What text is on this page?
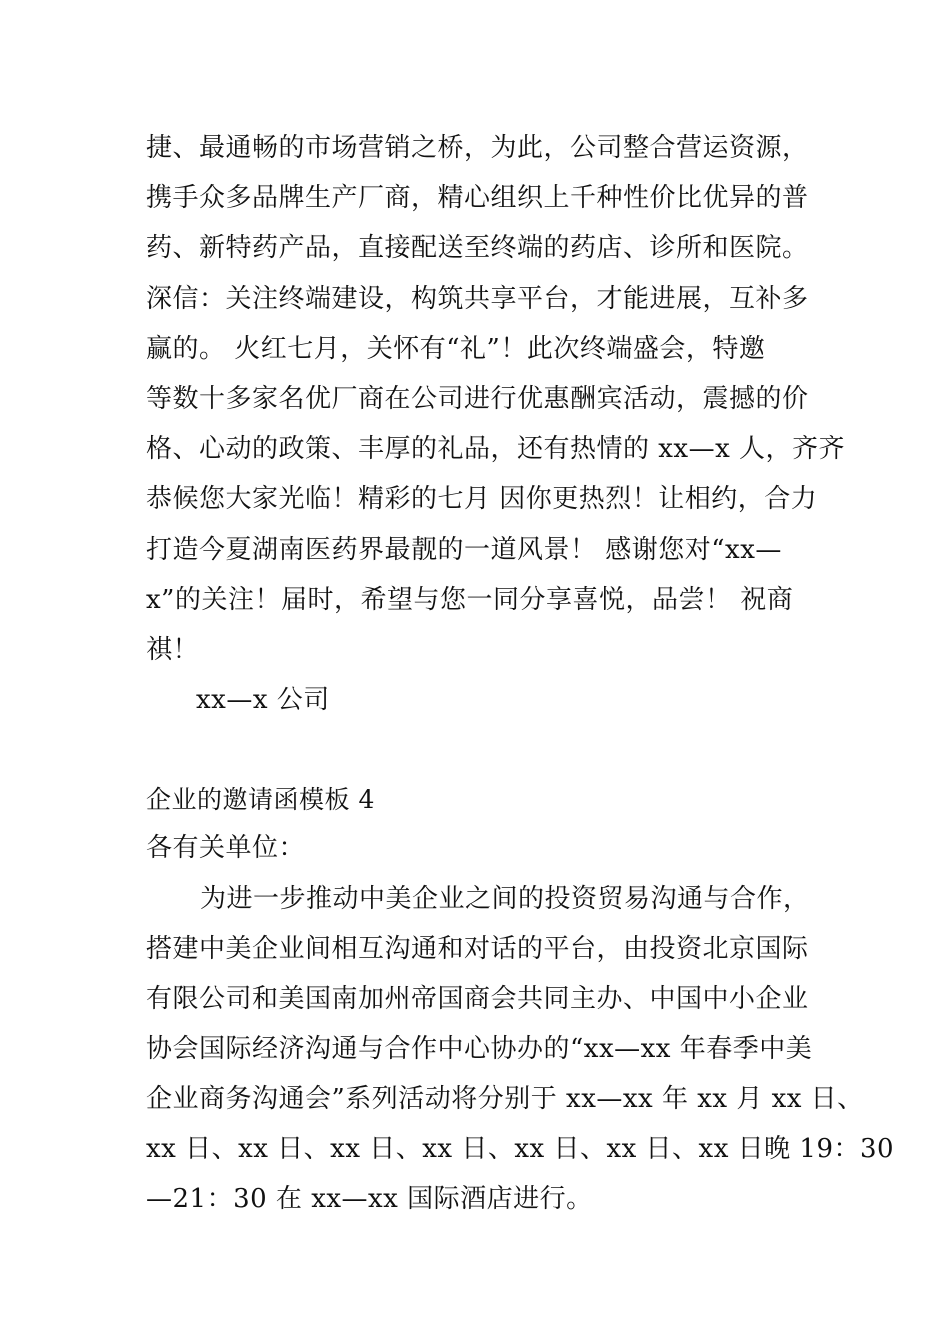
捷、最通畅的市场营销之桥，为此，公司整合营运资源，
携手众多品牌生产厂商，精心组织上千种性价比优异的普
药、新特药产品，直接配送至终端的药店、诊所和医院。
深信：关注终端建设，构筑共享平台，才能进展，互补多
赢的。 火红七月，关怀有“礼”！此次终端盛会，特邀
等数十多家名优厂商在公司进行优惠酬宾活动，震撼的价
格、心动的政策、丰厚的礼品，还有热情的 xx—x 人，齐齐
恭候您大家光临！精彩的七月 因你更热烈！让相约，合力
打造今夏湖南医药界最靓的一道风景！ 感谢您对“xx—
x”的关注！届时，希望与您一同分享喜悦，品尝！ 祝商
祺！
xx—x 公司
企业的邀请函模板 4
各有关单位：
为进一步推动中美企业之间的投资贸易沟通与合作，
搭建中美企业间相互沟通和对话的平台，由投资北京国际
有限公司和美国南加州帝国商会共同主办、中国中小企业
协会国际经济沟通与合作中心协办的“xx—xx 年春季中美
企业商务沟通会”系列活动将分别于 xx—xx 年 xx 月 xx 日、
xx 日、xx 日、xx 日、xx 日、xx 日、xx 日、xx 日晚 19：30
—21：30 在 xx—xx 国际酒店进行。
